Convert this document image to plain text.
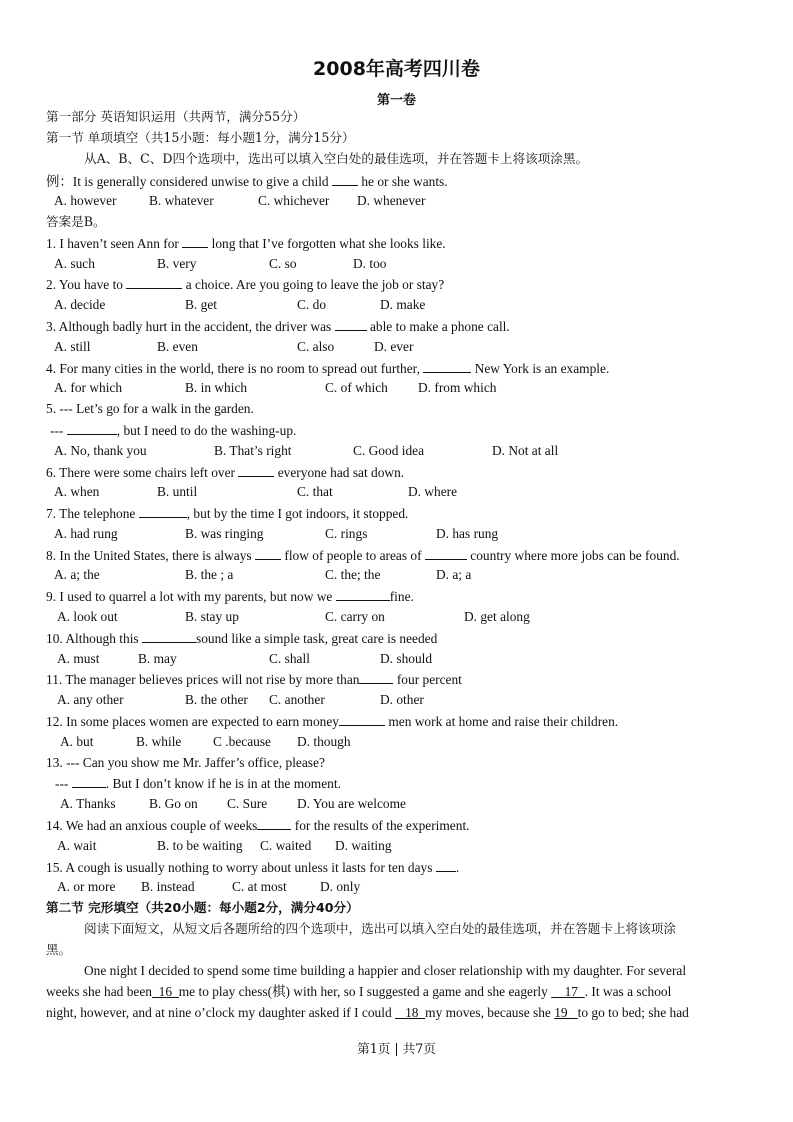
2008年高考四川卷
第一卷
第一部分 英语知识运用（共两节，满分55分）
第一节 单项填空（共15小题：每小题1分，满分15分）
从A、B、C、D四个选项中，选出可以填入空白处的最佳选项，并在答题卡上将该项涂黑。
例：It is generally considered unwise to give a child he or she wants.
A. however B. whatever	C. whichever D. whenever
答案是B。
1. I haven’t seen Ann for long that I’ve forgotten what she looks like.
A. such	B. very	C. so	D. too
2. You have to	a choice. Are you going to leave the job or stay?
A. decide	B. get	C. do	D. make
3. Although badly hurt in the accident, the driver was	able to make a phone call.
A. still	B. even	C. also	D. ever
4. For many cities in the world, there is no room to spread out further,	New York is an example.
A. for which	B. in which	C. of which D. from which
5. --- Let’s go for a walk in the garden.
---	, but I need to do the washing-up.
A. No, thank you	B. That’s right	C. Good idea	D. Not at all
6. There were some chairs left over	everyone had sat down.
A. when	B. until	C. that	D. where
7. The telephone	, but by the time I got indoors, it stopped.
A. had rung	B. was ringing	C. rings	D. has rung
8. In the United States, there is always flow of people to areas of	country where more jobs can be found.
A. a; the	B. the ; a	C. the; the	D. a; a
9. I used to quarrel a lot with my parents, but now we	fine.
A. look out	B. stay up	C. carry on	D. get along
10. Although this	sound like a simple task, great care is needed
A. must	B. may	C. shall	D. should
11. The manager believes prices will not rise by more than	four percent
A. any other	B. the other C. another	D. other
12. In some places women are expected to earn money	men work at home and raise their children.
A. but	B. while C .because D. though
13. --- Can you show me Mr. Jaffer’s office, please?
---	. But I don’t know if he is in at the moment.
A. Thanks B. Go on C. Sure D. You are welcome
14. We had an anxious couple of weeks	for the results of the experiment.
A. wait	B. to be waiting C. waited D. waiting
15. A cough is usually nothing to worry about unless it lasts for ten days .
A. or more B. instead	C. at most D. only
第二节 完形填空（共20小题：每小题2分，满分40分）
阅读下面短文，从短文后各题所给的四个选项中，选出可以填入空白处的最佳选项，并在答题卡上将该项涂
黑。
One night I decided to spend some time building a happier and closer relationship with my daughter. For several
weeks she had been 16 me to play chess(棋) with her, so I suggested a game and she eagerly 17 . It was a school
night, however, and at nine o’clock my daughter asked if I could 18 my moves, because she 19 to go to bed; she had
第1页 | 共7页
